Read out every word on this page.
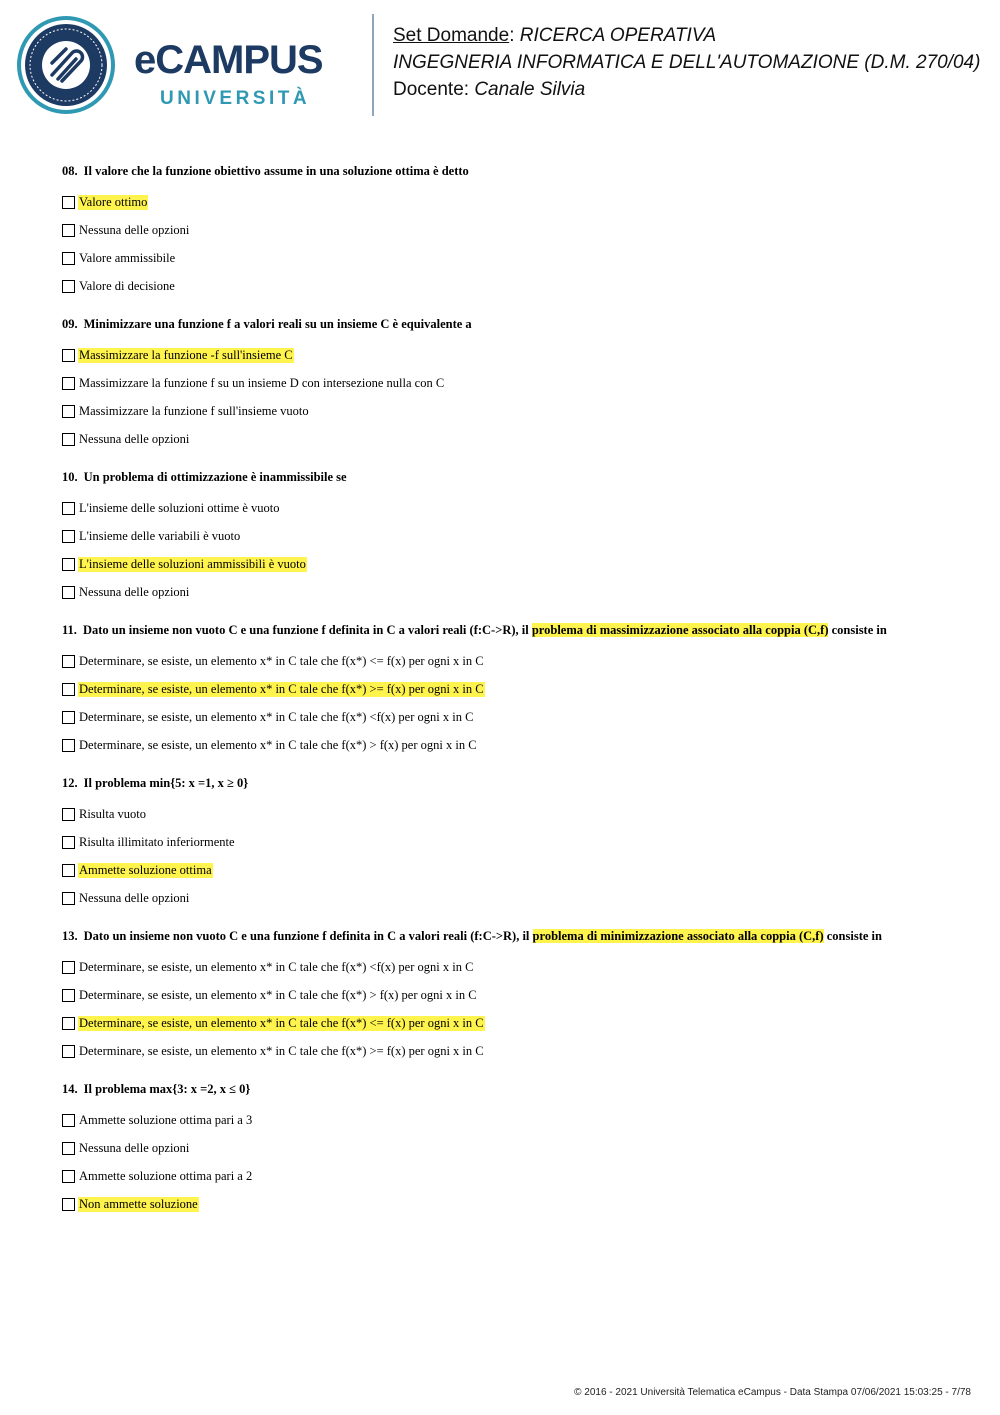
eCAMPUS
UNIVERSITÀ
Set Domande: RICERCA OPERATIVA
INGEGNERIA INFORMATICA E DELL'AUTOMAZIONE (D.M. 270/04)
Docente: Canale Silvia
08. Il valore che la funzione obiettivo assume in una soluzione ottima è detto
Valore ottimo
Nessuna delle opzioni
Valore ammissibile
Valore di decisione
09. Minimizzare una funzione f a valori reali su un insieme C è equivalente a
Massimizzare la funzione -f sull'insieme C
Massimizzare la funzione f su un insieme D con intersezione nulla con C
Massimizzare la funzione f sull'insieme vuoto
Nessuna delle opzioni
10. Un problema di ottimizzazione è inammissibile se
L'insieme delle soluzioni ottime è vuoto
L'insieme delle variabili è vuoto
L'insieme delle soluzioni ammissibili è vuoto
Nessuna delle opzioni
11. Dato un insieme non vuoto C e una funzione f definita in C a valori reali (f:C->R), il problema di massimizzazione associato alla coppia (C,f) consiste in
Determinare, se esiste, un elemento x* in C tale che f(x*) <= f(x) per ogni x in C
Determinare, se esiste, un elemento x* in C tale che f(x*) >= f(x) per ogni x in C
Determinare, se esiste, un elemento x* in C tale che f(x*) <f(x) per ogni x in C
Determinare, se esiste, un elemento x* in C tale che f(x*) > f(x) per ogni x in C
12. Il problema min{5: x =1, x ≥ 0}
Risulta vuoto
Risulta illimitato inferiormente
Ammette soluzione ottima
Nessuna delle opzioni
13. Dato un insieme non vuoto C e una funzione f definita in C a valori reali (f:C->R), il problema di minimizzazione associato alla coppia (C,f) consiste in
Determinare, se esiste, un elemento x* in C tale che f(x*) <f(x) per ogni x in C
Determinare, se esiste, un elemento x* in C tale che f(x*) > f(x) per ogni x in C
Determinare, se esiste, un elemento x* in C tale che f(x*) <= f(x) per ogni x in C
Determinare, se esiste, un elemento x* in C tale che f(x*) >= f(x) per ogni x in C
14. Il problema max{3: x =2, x ≤ 0}
Ammette soluzione ottima pari a 3
Nessuna delle opzioni
Ammette soluzione ottima pari a 2
Non ammette soluzione
© 2016 - 2021 Università Telematica eCampus - Data Stampa 07/06/2021 15:03:25 - 7/78
